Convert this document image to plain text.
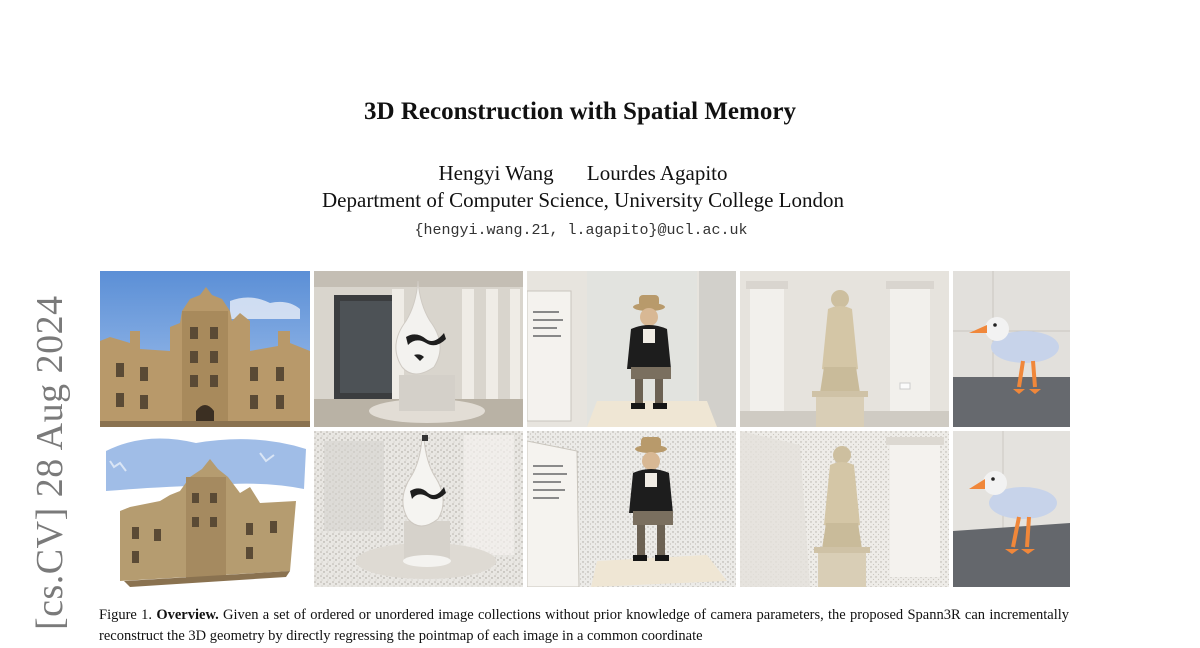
[cs.CV] 28 Aug 2024
3D Reconstruction with Spatial Memory
Hengyi Wang Lourdes Agapito
Department of Computer Science, University College London
{hengyi.wang.21, l.agapito}@ucl.ac.uk
Figure 1. Overview. Given a set of ordered or unordered image collections without prior knowledge of camera parameters, the proposed Spann3R can incrementally reconstruct the 3D geometry by directly regressing the pointmap of each image in a common coordinate
